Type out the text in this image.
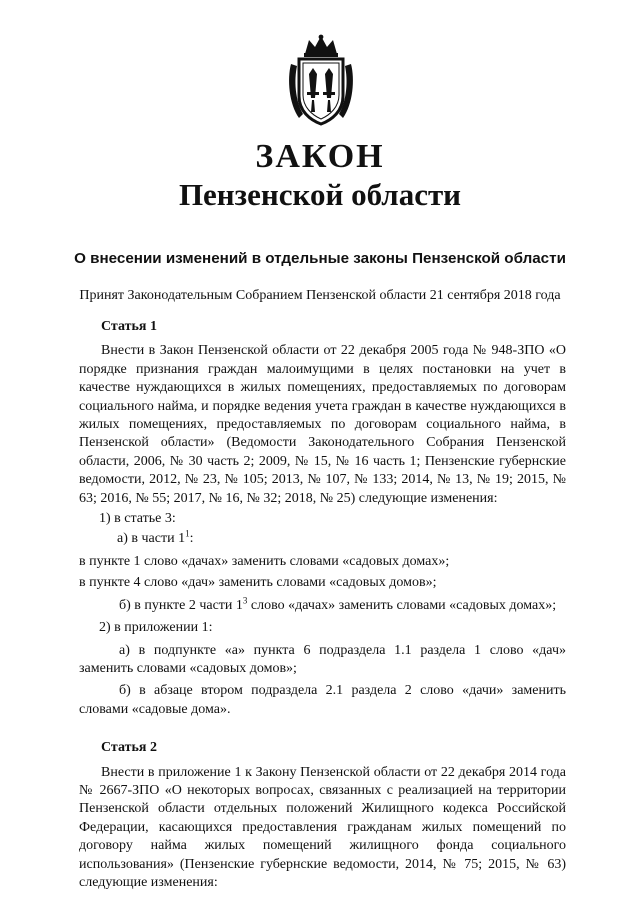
ЗАКОН
Пензенской области

О внесении изменений в отдельные законы Пензенской области

Принят Законодательным Собранием Пензенской области 21 сентября 2018 года

Статья 1

Внести в Закон Пензенской области от 22 декабря 2005 года № 948-ЗПО «О порядке признания граждан малоимущими в целях постановки на учет в качестве нуждающихся в жилых помещениях, предоставляемых по договорам социального найма, и порядке ведения учета граждан в качестве нуждающихся в жилых помещениях, предоставляемых по договорам социального найма, в Пензенской области» (Ведомости Законодательного Собрания Пензенской области, 2006, № 30 часть 2; 2009, № 15, № 16 часть 1; Пензенские губернские ведомости, 2012, № 23, № 105; 2013, № 107, № 133; 2014, № 13, № 19; 2015, № 63; 2016, № 55; 2017, № 16, № 32; 2018, № 25) следующие изменения:

1) в статье 3:

а) в части $1^1$:

в пункте 1 слово «дачах» заменить словами «садовых домах»;

в пункте 4 слово «дач» заменить словами «садовых домов»;

б) в пункте 2 части $1^3$ слово «дачах» заменить словами «садовых домах»;

2) в приложении 1:

а) в подпункте «а» пункта 6 подраздела 1.1 раздела 1 слово «дач» заменить словами «садовых домов»;

б) в абзаце втором подраздела 2.1 раздела 2 слово «дачи» заменить словами «садовые дома».

Статья 2

Внести в приложение 1 к Закону Пензенской области от 22 декабря 2014 года № 2667-ЗПО «О некоторых вопросах, связанных с реализацией на территории Пензенской области отдельных положений Жилищного кодекса Российской Федерации, касающихся предоставления гражданам жилых помещений по договору найма жилых помещений жилищного фонда социального использования» (Пензенские губернские ведомости, 2014, № 75; 2015, № 63) следующие изменения:
